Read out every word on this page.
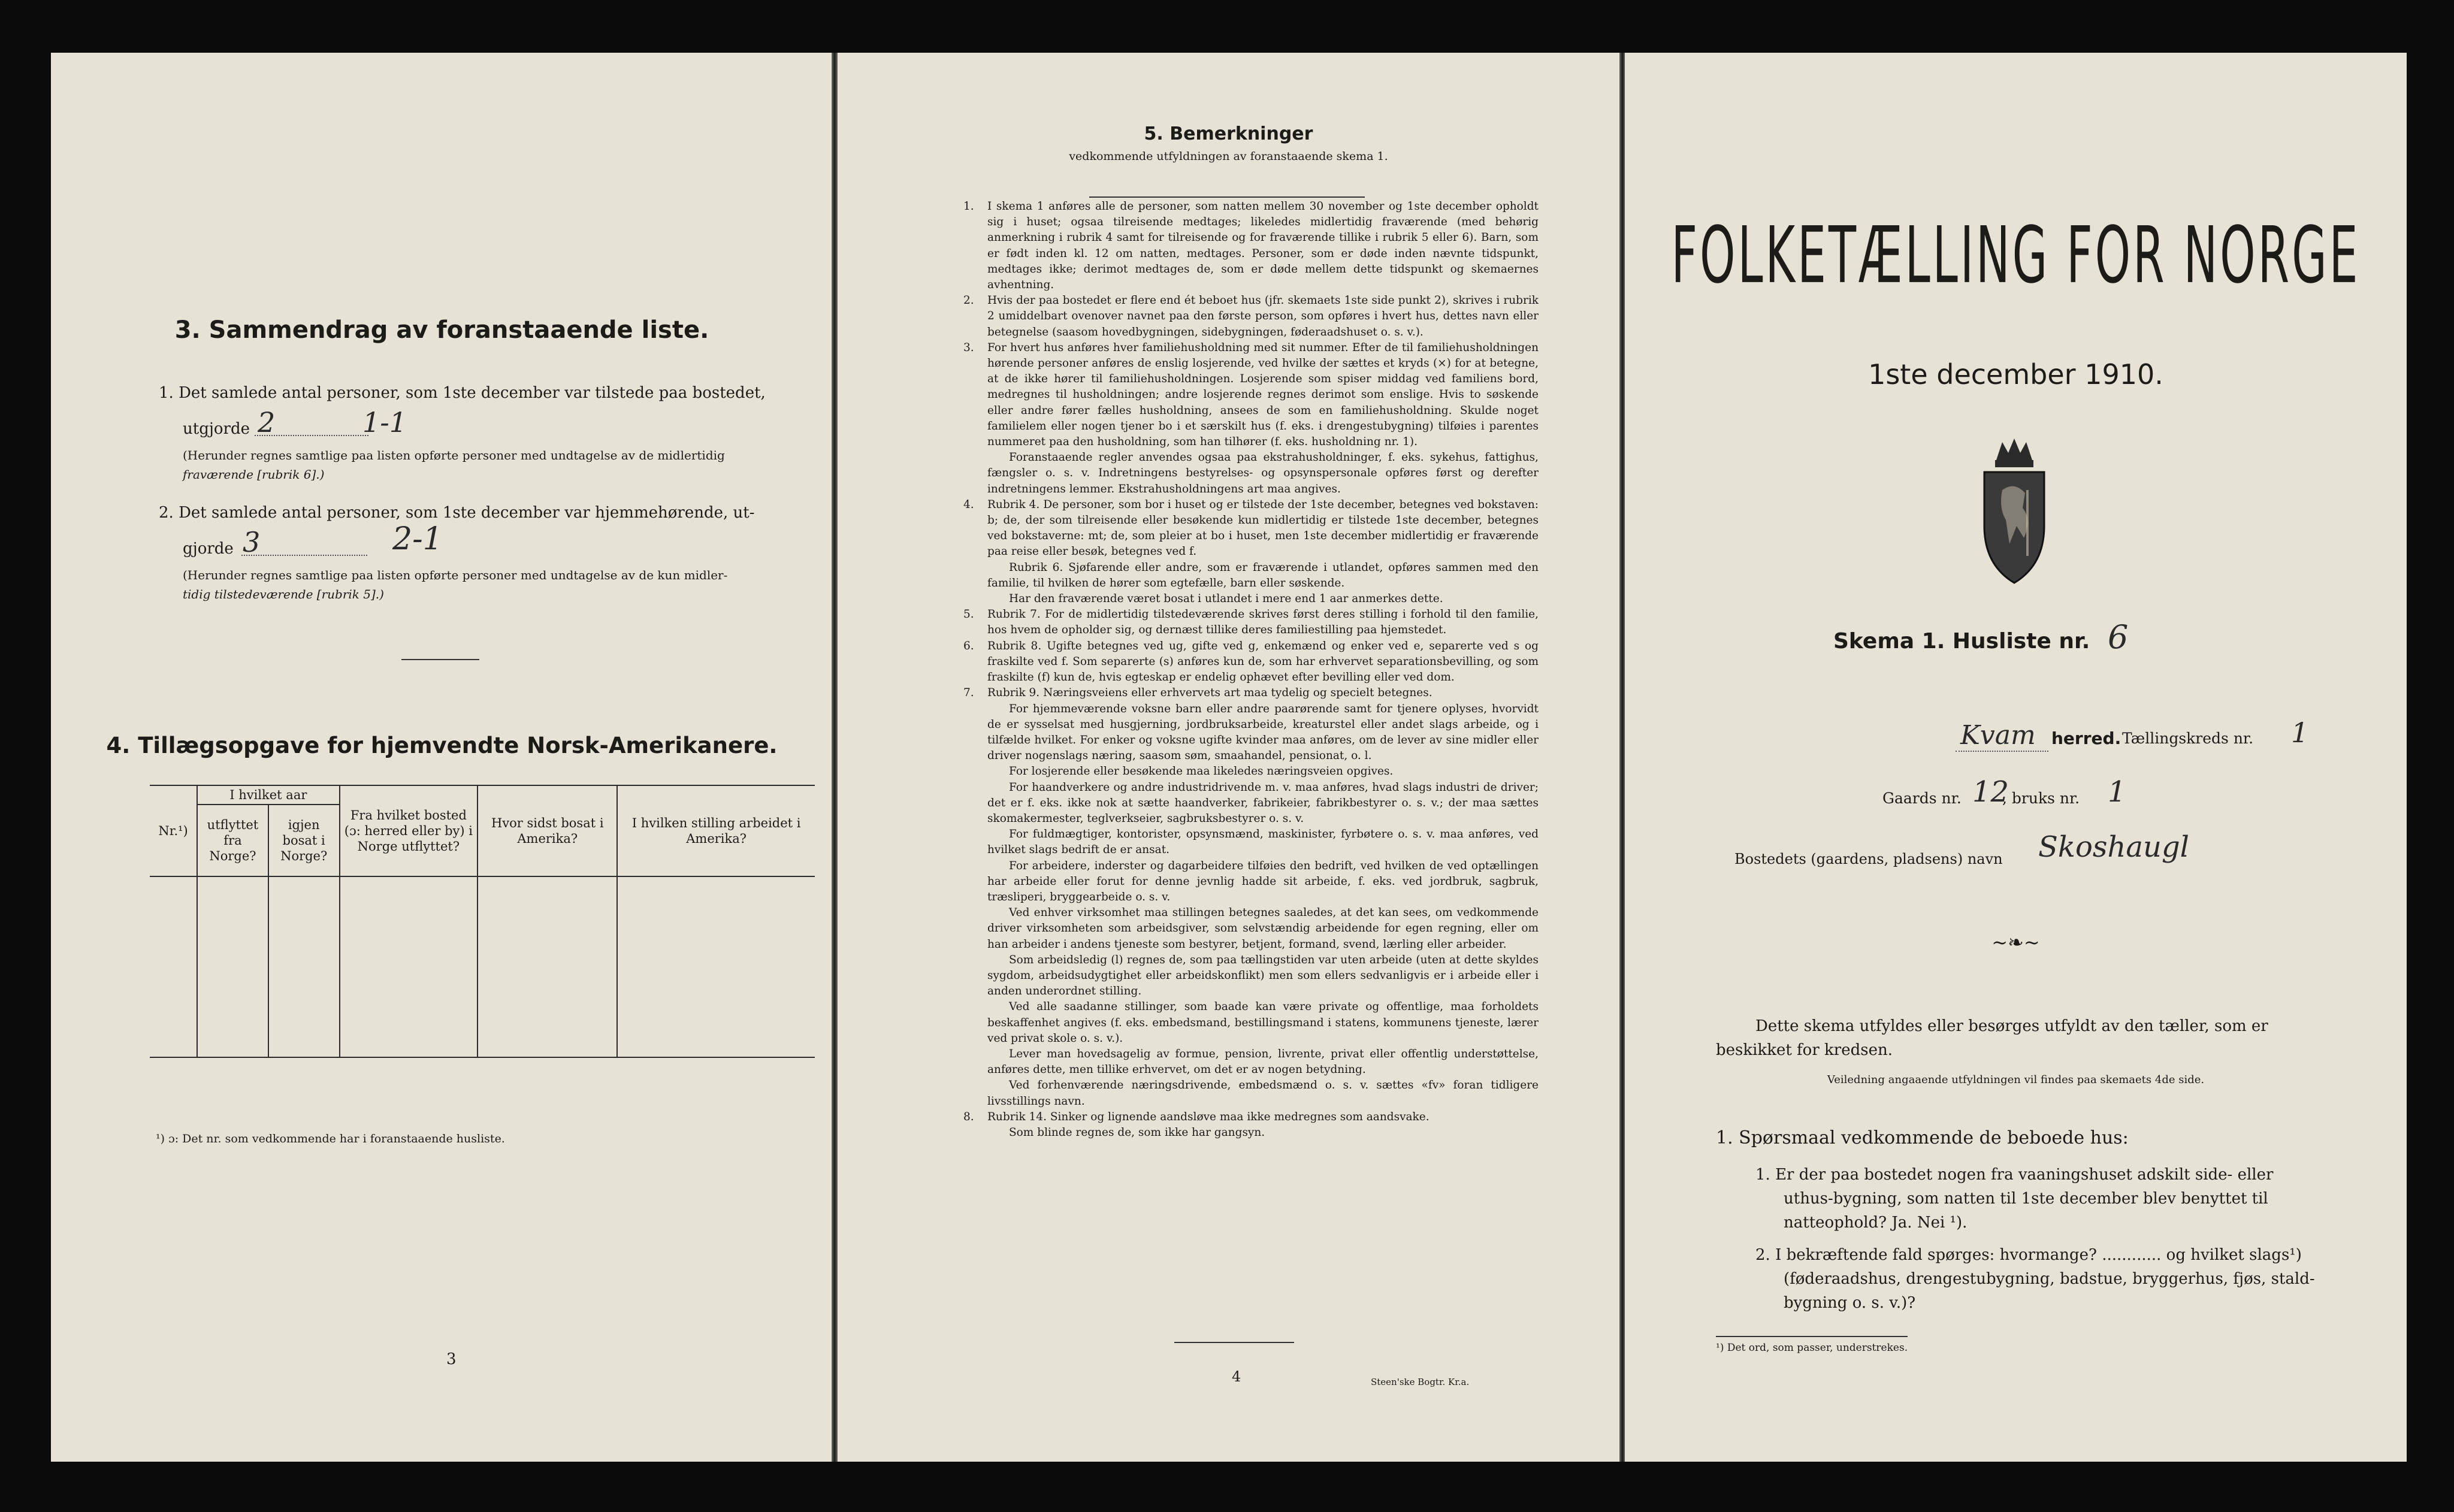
3. Sammendrag av foranstaaende liste.
1. Det samlede antal personer, som 1ste december var tilstede paa bostedet,
utgjorde 2	1-1
(Herunder regnes samtlige paa listen opførte personer med undtagelse av de midlertidig
fraværende [rubrik 6].)
2. Det samlede antal personer, som 1ste december var hjemmehørende, ut-
gjorde 3	2-1
(Herunder regnes samtlige paa listen opførte personer med undtagelse av de kun midler-
tidig tilstedeværende [rubrik 5].)
4. Tillægsopgave for hjemvendte Norsk-Amerikanere.
Nr.¹)	I hvilket aar		Fra hvilket bosted (ɔ: herred eller by) i Norge utflyttet?	Hvor sidst bosat i Amerika?	I hvilken stilling arbeidet i Amerika?
	utflyttet fra Norge?	igjen bosat i Norge?			

¹) ɔ: Det nr. som vedkommende har i foranstaaende husliste.
3
5. Bemerkninger
vedkommende utfyldningen av foranstaaende skema 1.
1. I skema 1 anføres alle de personer, som natten mellem 30 november og 1ste december opholdt sig i huset; ogsaa tilreisende medtages; likeledes midlertidig fraværende (med behørig anmerkning i rubrik 4 samt for tilreisende og for fraværende tillike i rubrik 5 eller 6). Barn, som er født inden kl. 12 om natten, medtages. Personer, som er døde inden nævnte tidspunkt, medtages ikke; derimot medtages de, som er døde mellem dette tidspunkt og skemaernes avhentning.
2. Hvis der paa bostedet er flere end ét beboet hus (jfr. skemaets 1ste side punkt 2), skrives i rubrik 2 umiddelbart ovenover navnet paa den første person, som opføres i hvert hus, dettes navn eller betegnelse (saasom hovedbygningen, sidebygningen, føderaadshuset o. s. v.).
3. For hvert hus anføres hver familiehusholdning med sit nummer. Efter de til familiehusholdningen hørende personer anføres de enslig losjerende, ved hvilke der sættes et kryds (×) for at betegne, at de ikke hører til familiehusholdningen. Losjerende som spiser middag ved familiens bord, medregnes til husholdningen; andre losjerende regnes derimot som enslige. Hvis to søskende eller andre fører fælles husholdning, ansees de som en familiehusholdning. Skulde noget familielem eller nogen tjener bo i et særskilt hus (f. eks. i drengestubygning) tilføies i parentes nummeret paa den husholdning, som han tilhører (f. eks. husholdning nr. 1).

Foranstaaende regler anvendes ogsaa paa ekstrahusholdninger, f. eks. sykehus, fattighus, fængsler o. s. v. Indretningens bestyrelses- og opsynspersonale opføres først og derefter indretningens lemmer. Ekstrahusholdningens art maa angives.

4. Rubrik 4. De personer, som bor i huset og er tilstede der 1ste december, betegnes ved bokstaven: b; de, der som tilreisende eller besøkende kun midlertidig er tilstede 1ste december, betegnes ved bokstaverne: mt; de, som pleier at bo i huset, men 1ste december midlertidig er fraværende paa reise eller besøk, betegnes ved f.

Rubrik 6. Sjøfarende eller andre, som er fraværende i utlandet, opføres sammen med den familie, til hvilken de hører som egtefælle, barn eller søskende.

Har den fraværende været bosat i utlandet i mere end 1 aar anmerkes dette.

5. Rubrik 7. For de midlertidig tilstedeværende skrives først deres stilling i forhold til den familie, hos hvem de opholder sig, og dernæst tillike deres familiestilling paa hjemstedet.
6. Rubrik 8. Ugifte betegnes ved ug, gifte ved g, enkemænd og enker ved e, separerte ved s og fraskilte ved f. Som separerte (s) anføres kun de, som har erhvervet separationsbevilling, og som fraskilte (f) kun de, hvis egteskap er endelig ophævet efter bevilling eller ved dom.
7. Rubrik 9. Næringsveiens eller erhvervets art maa tydelig og specielt betegnes.

For hjemmeværende voksne barn eller andre paarørende samt for tjenere oplyses, hvorvidt de er sysselsat med husgjerning, jordbruksarbeide, kreaturstel eller andet slags arbeide, og i tilfælde hvilket. For enker og voksne ugifte kvinder maa anføres, om de lever av sine midler eller driver nogenslags næring, saasom søm, smaahandel, pensionat, o. l.

For losjerende eller besøkende maa likeledes næringsveien opgives.

For haandverkere og andre industridrivende m. v. maa anføres, hvad slags industri de driver; det er f. eks. ikke nok at sætte haandverker, fabrikeier, fabrikbestyrer o. s. v.; der maa sættes skomakermester, teglverkseier, sagbruksbestyrer o. s. v.

For fuldmægtiger, kontorister, opsynsmænd, maskinister, fyrbøtere o. s. v. maa anføres, ved hvilket slags bedrift de er ansat.

For arbeidere, inderster og dagarbeidere tilføies den bedrift, ved hvilken de ved optællingen har arbeide eller forut for denne jevnlig hadde sit arbeide, f. eks. ved jordbruk, sagbruk, træsliperi, bryggearbeide o. s. v.

Ved enhver virksomhet maa stillingen betegnes saaledes, at det kan sees, om vedkommende driver virksomheten som arbeidsgiver, som selvstændig arbeidende for egen regning, eller om han arbeider i andens tjeneste som bestyrer, betjent, formand, svend, lærling eller arbeider.

Som arbeidsledig (l) regnes de, som paa tællingstiden var uten arbeide (uten at dette skyldes sygdom, arbeidsudygtighet eller arbeidskonflikt) men som ellers sedvanligvis er i arbeide eller i anden underordnet stilling.

Ved alle saadanne stillinger, som baade kan være private og offentlige, maa forholdets beskaffenhet angives (f. eks. embedsmand, bestillingsmand i statens, kommunens tjeneste, lærer ved privat skole o. s. v.).

Lever man hovedsagelig av formue, pension, livrente, privat eller offentlig understøttelse, anføres dette, men tillike erhvervet, om det er av nogen betydning.

Ved forhenværende næringsdrivende, embedsmænd o. s. v. sættes «fv» foran tidligere livsstillings navn.

8. Rubrik 14. Sinker og lignende aandsløve maa ikke medregnes som aandsvake.

Som blinde regnes de, som ikke har gangsyn.

4	Steen'ske Bogtr. Kr.a.
FOLKETÆLLING FOR NORGE
1ste december 1910.
Skema 1. Husliste nr. 6
Kvam herred. Tællingskreds nr. 1
Gaards nr. 12
, bruks nr. 1
Bostedets (gaardens, pladsens) navn Skoshaugl
~❧~
Dette skema utfyldes eller besørges utfyldt av den tæller, som er
beskikket for kredsen.
Veiledning angaaende utfyldningen vil findes paa skemaets 4de side.
1. Spørsmaal vedkommende de beboede hus:
1. Er der paa bostedet nogen fra vaaningshuset adskilt side- eller
uthus-bygning, som natten til 1ste december blev benyttet til
natteophold? Ja. Nei ¹).
2. I bekræftende fald spørges: hvormange? ............ og hvilket slags¹)
(føderaadshus, drengestubygning, badstue, bryggerhus, fjøs, stald-
bygning o. s. v.)?
¹) Det ord, som passer, understrekes.
